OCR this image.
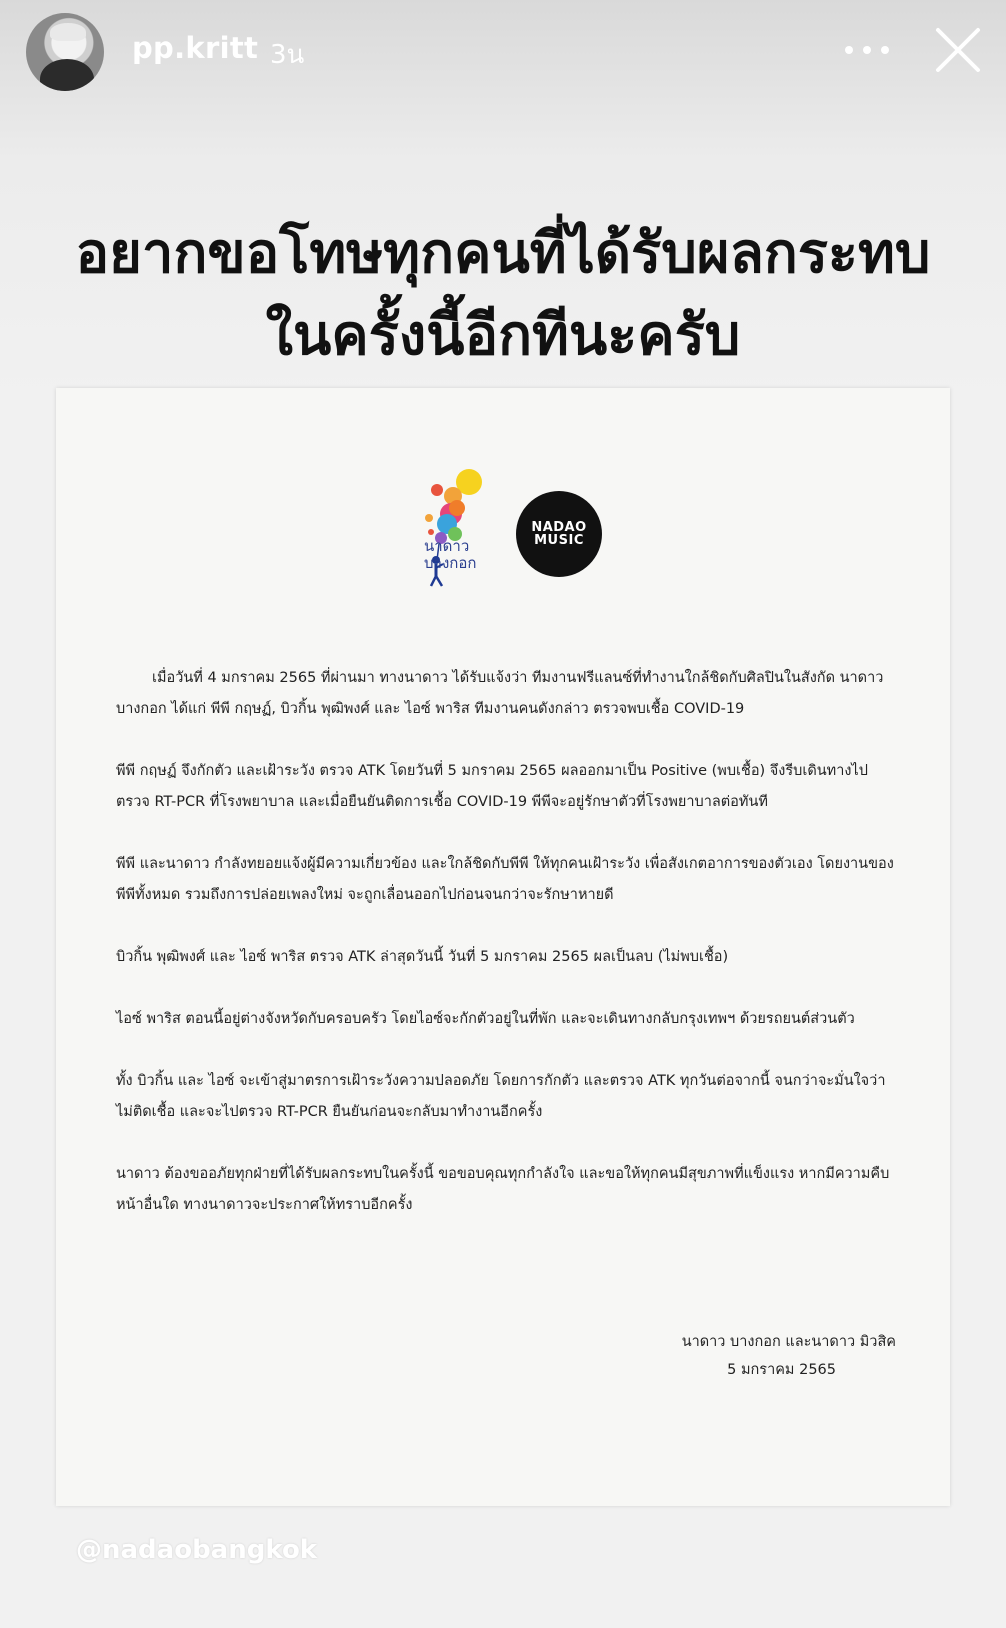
pp.kritt 3น
อยากขอโทษทุกคนที่ได้รับผลกระทบ
ในครั้งนี้อีกทีนะครับ
นาดาว
บางกอก
NADAO
MUSIC

เมื่อวันที่ 4 มกราคม 2565 ที่ผ่านมา ทางนาดาว ได้รับแจ้งว่า ทีมงานฟรีแลนซ์ที่ทำงานใกล้ชิดกับศิลปินในสังกัด นาดาว บางกอก ได้แก่ พีพี กฤษฏ์, บิวกิ้น พุฒิพงศ์ และ ไอซ์ พาริส ทีมงานคนดังกล่าว ตรวจพบเชื้อ COVID-19

พีพี กฤษฏ์ จึงกักตัว และเฝ้าระวัง ตรวจ ATK โดยวันที่ 5 มกราคม 2565 ผลออกมาเป็น Positive (พบเชื้อ) จึงรีบเดินทางไปตรวจ RT-PCR ที่โรงพยาบาล และเมื่อยืนยันติดการเชื้อ COVID-19 พีพีจะอยู่รักษาตัวที่โรงพยาบาลต่อทันที

พีพี และนาดาว กำลังทยอยแจ้งผู้มีความเกี่ยวข้อง และใกล้ชิดกับพีพี ให้ทุกคนเฝ้าระวัง เพื่อสังเกตอาการของตัวเอง โดยงานของพีพีทั้งหมด รวมถึงการปล่อยเพลงใหม่ จะถูกเลื่อนออกไปก่อนจนกว่าจะรักษาหายดี

บิวกิ้น พุฒิพงศ์ และ ไอซ์ พาริส ตรวจ ATK ล่าสุดวันนี้ วันที่ 5 มกราคม 2565 ผลเป็นลบ (ไม่พบเชื้อ)

ไอซ์ พาริส ตอนนี้อยู่ต่างจังหวัดกับครอบครัว โดยไอซ์จะกักตัวอยู่ในที่พัก และจะเดินทางกลับกรุงเทพฯ ด้วยรถยนต์ส่วนตัว

ทั้ง บิวกิ้น และ ไอซ์ จะเข้าสู่มาตรการเฝ้าระวังความปลอดภัย โดยการกักตัว และตรวจ ATK ทุกวันต่อจากนี้ จนกว่าจะมั่นใจว่าไม่ติดเชื้อ และจะไปตรวจ RT-PCR ยืนยันก่อนจะกลับมาทำงานอีกครั้ง

นาดาว ต้องขออภัยทุกฝ่ายที่ได้รับผลกระทบในครั้งนี้ ขอขอบคุณทุกกำลังใจ และขอให้ทุกคนมีสุขภาพที่แข็งแรง หากมีความคืบหน้าอื่นใด ทางนาดาวจะประกาศให้ทราบอีกครั้ง

นาดาว บางกอก และนาดาว มิวสิค
5 มกราคม 2565
@nadaobangkok
